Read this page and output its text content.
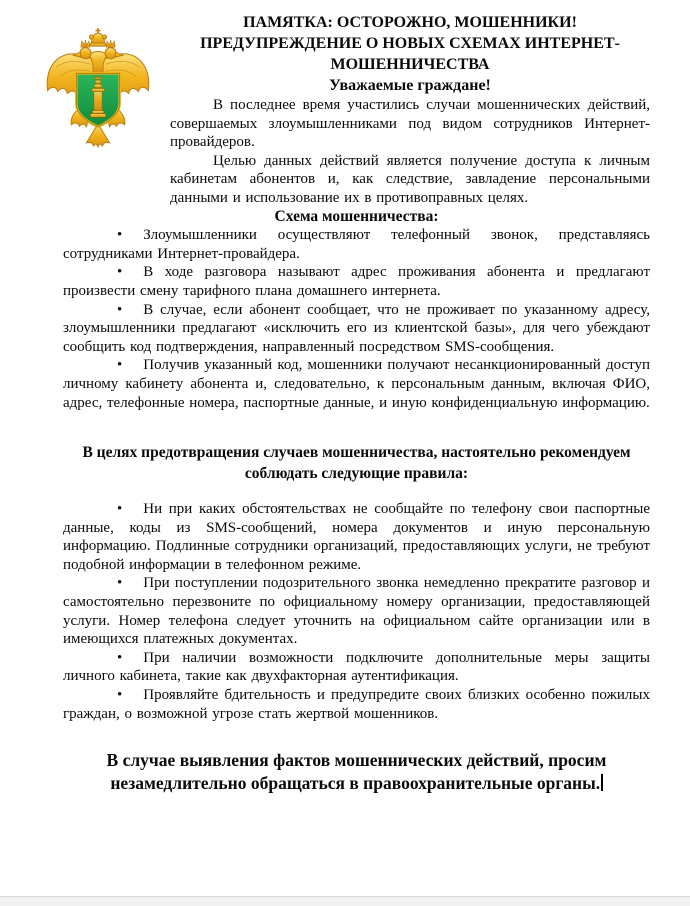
ПАМЯТКА: ОСТОРОЖНО, МОШЕННИКИ!
ПРЕДУПРЕЖДЕНИЕ О НОВЫХ СХЕМАХ ИНТЕРНЕТ-МОШЕННИЧЕСТВА
Уважаемые граждане!

В последнее время участились случаи мошеннических действий, совершаемых злоумышленниками под видом сотрудников Интернет-провайдеров.

Целью данных действий является получение доступа к личным кабинетам абонентов и, как следствие, завладение персональными данными и использование их в противоправных целях.

Схема мошенничества:

• Злоумышленники осуществляют телефонный звонок, представляясь сотрудниками Интернет-провайдера.

• В ходе разговора называют адрес проживания абонента и предлагают произвести смену тарифного плана домашнего интернета.

• В случае, если абонент сообщает, что не проживает по указанному адресу, злоумышленники предлагают «исключить его из клиентской базы», для чего убеждают сообщить код подтверждения, направленный посредством SMS-сообщения.

• Получив указанный код, мошенники получают несанкционированный доступ личному кабинету абонента и, следовательно, к персональным данным, включая ФИО, адрес, телефонные номера, паспортные данные, и иную конфиденциальную информацию.

В целях предотвращения случаев мошенничества, настоятельно рекомендуем соблюдать следующие правила:

• Ни при каких обстоятельствах не сообщайте по телефону свои паспортные данные, коды из SMS-сообщений, номера документов и иную персональную информацию. Подлинные сотрудники организаций, предоставляющих услуги, не требуют подобной информации в телефонном режиме.

• При поступлении подозрительного звонка немедленно прекратите разговор и самостоятельно перезвоните по официальному номеру организации, предоставляющей услуги. Номер телефона следует уточнить на официальном сайте организации или в имеющихся платежных документах.

• При наличии возможности подключите дополнительные меры защиты личного кабинета, такие как двухфакторная аутентификация.

• Проявляйте бдительность и предупредите своих близких особенно пожилых граждан, о возможной угрозе стать жертвой мошенников.

В случае выявления фактов мошеннических действий, просим незамедлительно обращаться в правоохранительные органы.
